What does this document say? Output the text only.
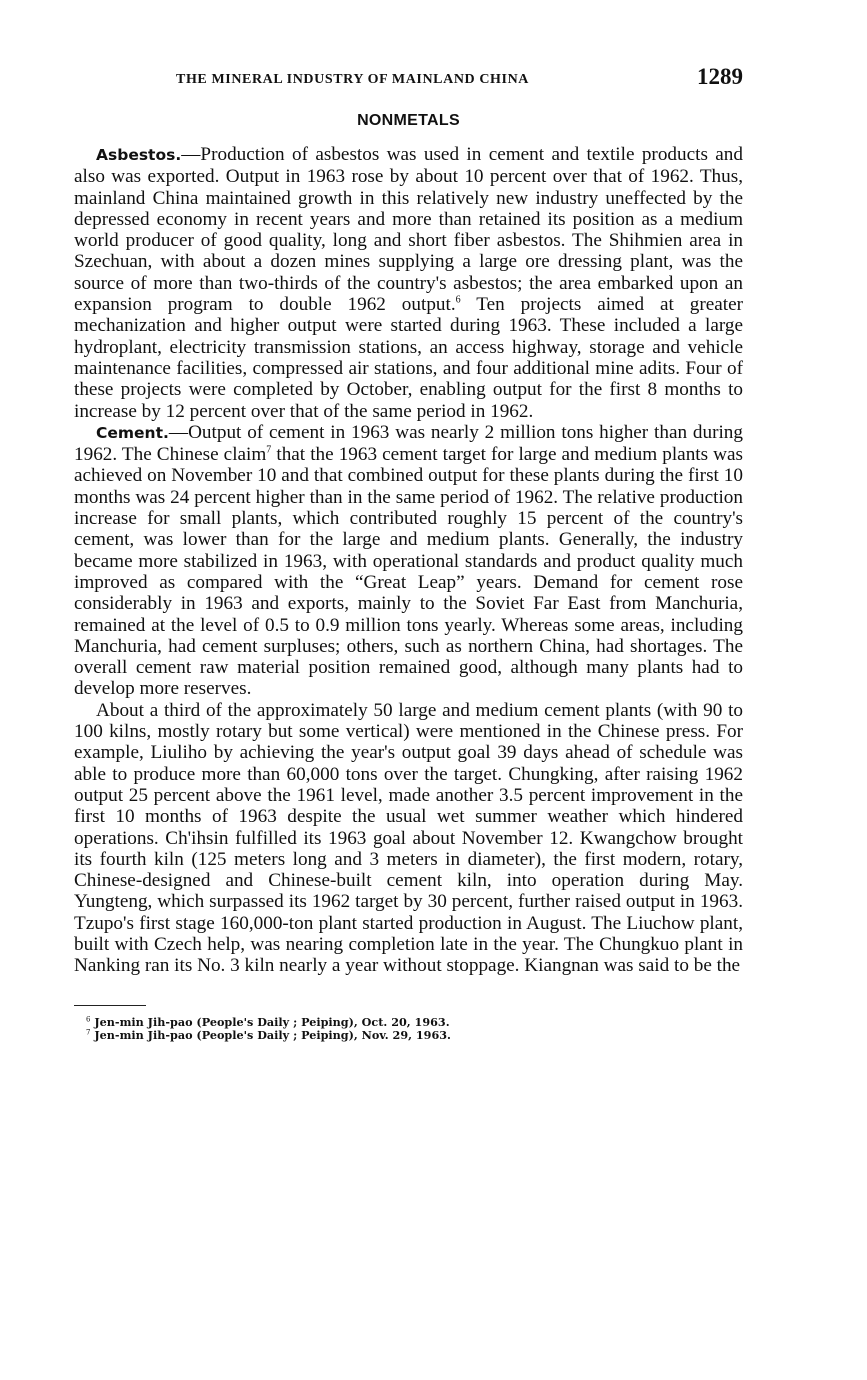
THE MINERAL INDUSTRY OF MAINLAND CHINA	1289
NONMETALS

Asbestos.—Production of asbestos was used in cement and textile products and also was exported. Output in 1963 rose by about 10 percent over that of 1962. Thus, mainland China maintained growth in this relatively new industry uneffected by the depressed economy in recent years and more than retained its position as a medium world producer of good quality, long and short fiber asbestos. The Shihmien area in Szechuan, with about a dozen mines supplying a large ore dressing plant, was the source of more than two-thirds of the country's asbestos; the area embarked upon an expansion program to double 1962 output.$^6$ Ten projects aimed at greater mechanization and higher output were started during 1963. These included a large hydroplant, electricity transmission stations, an access highway, storage and vehicle maintenance facilities, compressed air stations, and four additional mine adits. Four of these projects were completed by October, enabling output for the first 8 months to increase by 12 percent over that of the same period in 1962.

Cement.—Output of cement in 1963 was nearly 2 million tons higher than during 1962. The Chinese claim$^7$ that the 1963 cement target for large and medium plants was achieved on November 10 and that combined output for these plants during the first 10 months was 24 percent higher than in the same period of 1962. The relative production increase for small plants, which contributed roughly 15 percent of the country's cement, was lower than for the large and medium plants. Generally, the industry became more stabilized in 1963, with operational standards and product quality much improved as compared with the “Great Leap” years. Demand for cement rose considerably in 1963 and exports, mainly to the Soviet Far East from Manchuria, remained at the level of 0.5 to 0.9 million tons yearly. Whereas some areas, including Manchuria, had cement surpluses; others, such as northern China, had shortages. The overall cement raw material position remained good, although many plants had to develop more reserves.

About a third of the approximately 50 large and medium cement plants (with 90 to 100 kilns, mostly rotary but some vertical) were mentioned in the Chinese press. For example, Liuliho by achieving the year's output goal 39 days ahead of schedule was able to produce more than 60,000 tons over the target. Chungking, after raising 1962 output 25 percent above the 1961 level, made another 3.5 percent improvement in the first 10 months of 1963 despite the usual wet summer weather which hindered operations. Ch'ihsin fulfilled its 1963 goal about November 12. Kwangchow brought its fourth kiln (125 meters long and 3 meters in diameter), the first modern, rotary, Chinese-designed and Chinese-built cement kiln, into operation during May. Yungteng, which surpassed its 1962 target by 30 percent, further raised output in 1963. Tzupo's first stage 160,000-ton plant started production in August. The Liuchow plant, built with Czech help, was nearing completion late in the year. The Chungkuo plant in Nanking ran its No. 3 kiln nearly a year without stoppage. Kiangnan was said to be the

$^6$ Jen-min Jih-pao (People's Daily ; Peiping), Oct. 20, 1963.

$^7$ Jen-min Jih-pao (People's Daily ; Peiping), Nov. 29, 1963.
